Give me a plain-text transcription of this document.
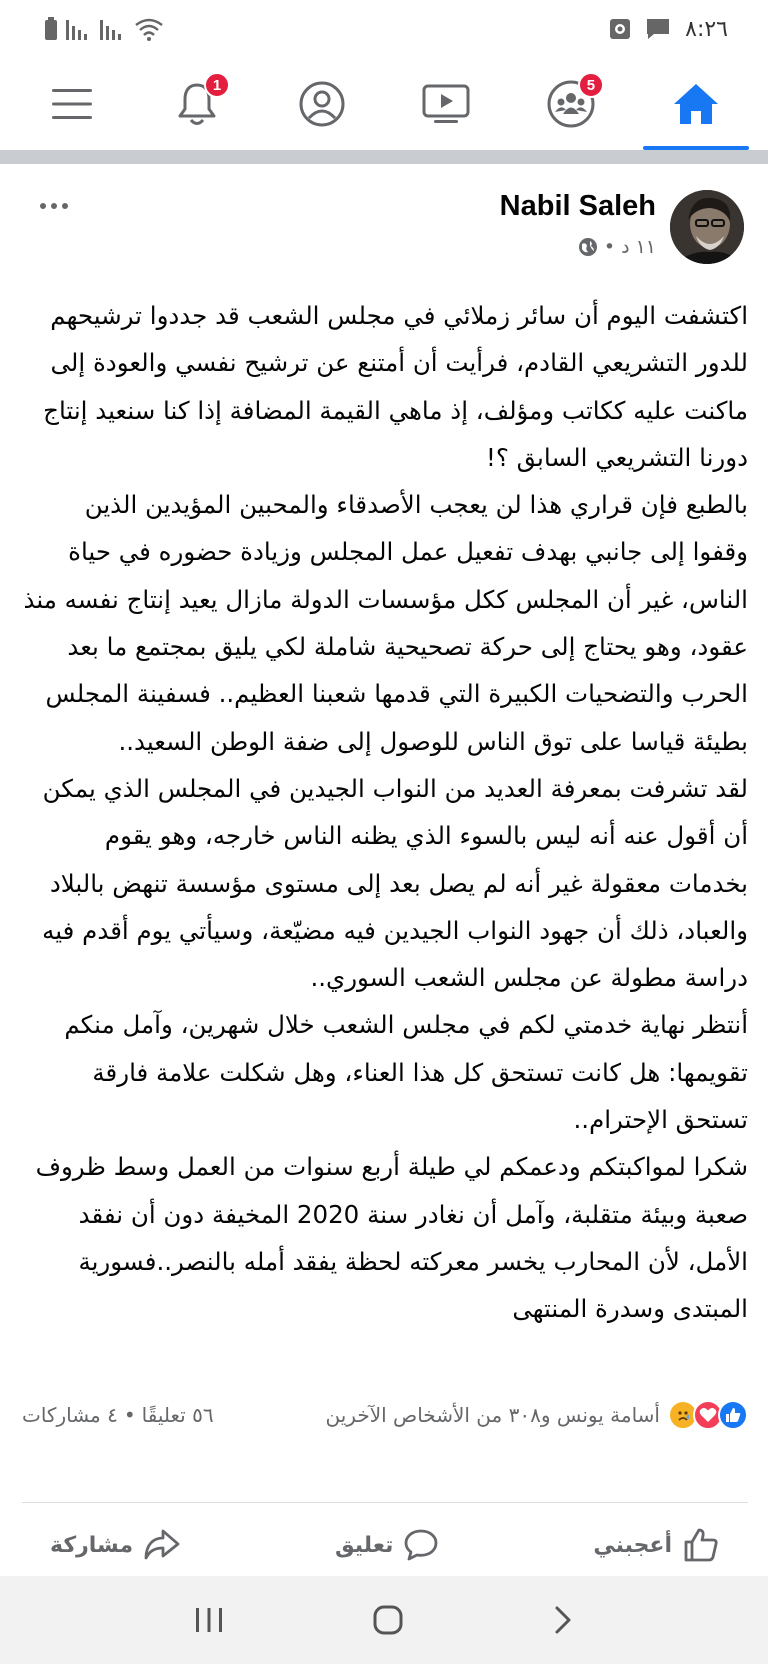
٨:٢٦
1	5
Nabil Saleh
١١ د
•

اكتشفت اليوم أن سائر زملائي في مجلس الشعب قد جددوا ترشيحهم للدور التشريعي القادم، فرأيت أن أمتنع عن ترشيح نفسي والعودة إلى ماكنت عليه ككاتب ومؤلف، إذ ماهي القيمة المضافة إذا كنا سنعيد إنتاج دورنا التشريعي السابق ؟!

بالطبع فإن قراري هذا لن يعجب الأصدقاء والمحبين المؤيدين الذين وقفوا إلى جانبي بهدف تفعيل عمل المجلس وزيادة حضوره في حياة الناس، غير أن المجلس ككل مؤسسات الدولة مازال يعيد إنتاج نفسه منذ عقود، وهو يحتاج إلى حركة تصحيحية شاملة لكي يليق بمجتمع ما بعد الحرب والتضحيات الكبيرة التي قدمها شعبنا العظيم.. فسفينة المجلس بطيئة قياسا على توق الناس للوصول إلى ضفة الوطن السعيد..

لقد تشرفت بمعرفة العديد من النواب الجيدين في المجلس الذي يمكن أن أقول عنه أنه ليس بالسوء الذي يظنه الناس خارجه، وهو يقوم بخدمات معقولة غير أنه لم يصل بعد إلى مستوى مؤسسة تنهض بالبلاد والعباد، ذلك أن جهود النواب الجيدين فيه مضيّعة، وسيأتي يوم أقدم فيه دراسة مطولة عن مجلس الشعب السوري..

أنتظر نهاية خدمتي لكم في مجلس الشعب خلال شهرين، وآمل منكم تقويمها: هل كانت تستحق كل هذا العناء، وهل شكلت علامة فارقة تستحق الإحترام..

شكرا لمواكبتكم ودعمكم لي طيلة أربع سنوات من العمل وسط ظروف صعبة وبيئة متقلبة، وآمل أن نغادر سنة 2020 المخيفة دون أن نفقد الأمل، لأن المحارب يخسر معركته لحظة يفقد أمله بالنصر..فسورية المبتدى وسدرة المنتهى

أسامة يونس و٣٠٨ من الأشخاص الآخرين
٥٦ تعليقًا
•
٤ مشاركات
أعجبني
تعليق
مشاركة
